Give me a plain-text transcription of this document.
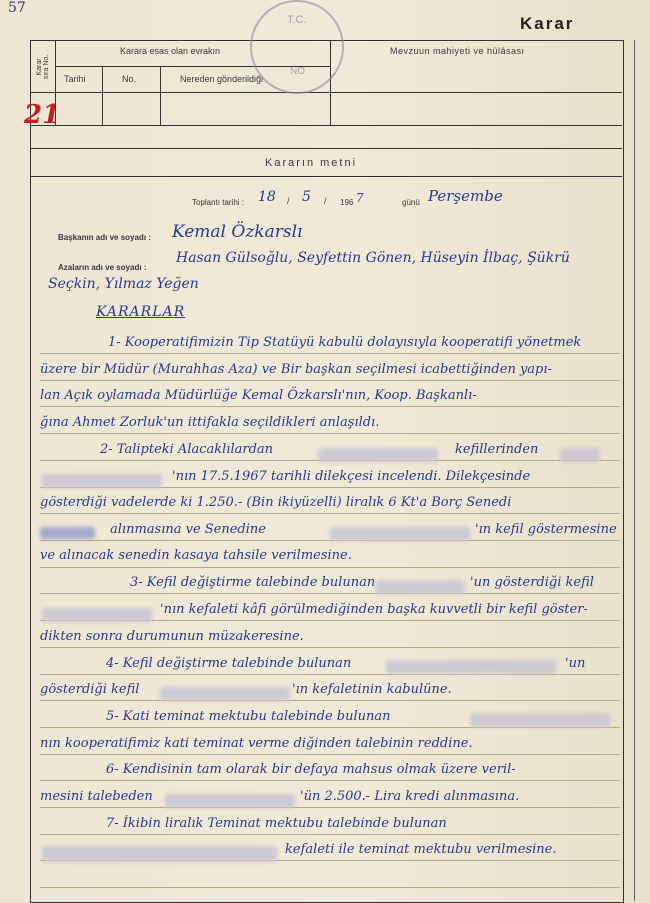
57
Karar
Karar sıra No.
Karara esas olan evrakın
Tarihi	No.	Nereden gönderildiği
Mevzuun mahiyeti ve hülâsası
21
T.C.
NO
Kararın metni
Toplantı tarihi : 18 / 5 / 196 7	günü Perşembe
Başkanın adı ve soyadı : Kemal Özkarslı
Azaların adı ve soyadı :
Hasan Gülsoğlu, Seyfettin Gönen, Hüseyin İlbaç, Şükrü
Seçkin, Yılmaz Yeğen
KARARLAR
1- Kooperatifimizin Tip Statüyü kabulü dolayısıyla kooperatifi yönetmek
üzere bir Müdür (Murahhas Aza) ve Bir başkan seçilmesi icabettiğinden yapı-
lan Açık oylamada Müdürlüğe Kemal Özkarslı'nın, Koop. Başkanlı-
ğına Ahmet Zorluk'un ittifakla seçildikleri anlaşıldı.
2- Talipteki Alacaklılardan	kefillerinden
'nın 17.5.1967 tarihli dilekçesi incelendi. Dilekçesinde
gösterdiği vadelerde ki 1.250.- (Bin ikiyüzelli) liralık 6 Kt'a Borç Senedi
alınmasına ve Senedine	'ın kefil göstermesine
ve alınacak senedin kasaya tahsile verilmesine.
3- Kefil değiştirme talebinde bulunan	'un gösterdiği kefil
'nın kefaleti kâfi görülmediğinden başka kuvvetli bir kefil göster-
dikten sonra durumunun müzakeresine.
4- Kefil değiştirme talebinde bulunan	'un
gösterdiği kefil	'ın kefaletinin kabulüne.
5- Kati teminat mektubu talebinde bulunan
nın kooperatifimiz kati teminat verme diğinden talebinin reddine.
6- Kendisinin tam olarak bir defaya mahsus olmak üzere veril-
mesini talebeden	'ün 2.500.- Lira kredi alınmasına.
7- İkibin liralık Teminat mektubu talebinde bulunan
kefaleti ile teminat mektubu verilmesine.
